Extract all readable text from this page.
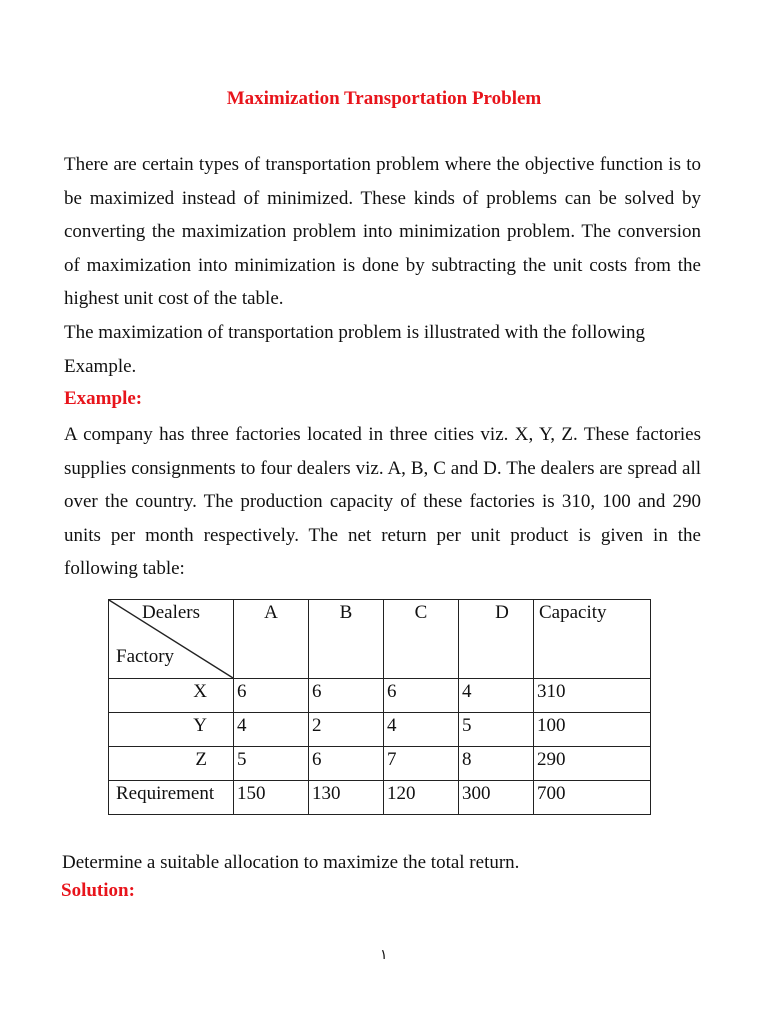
Maximization Transportation Problem
There are certain types of transportation problem where the objective function is to be maximized instead of minimized. These kinds of problems can be solved by converting the maximization problem into minimization problem. The conversion of maximization into minimization is done by subtracting the unit costs from the highest unit cost of the table.
The maximization of transportation problem is illustrated with the following Example.
Example:
A company has three factories located in three cities viz. X, Y, Z. These factories supplies consignments to four dealers viz. A, B, C and D. The dealers are spread all over the country. The production capacity of these factories is 310, 100 and 290 units per month respectively. The net return per unit product is given in the following table:
Dealers
Factory	A	B	C	D	Capacity

X	6	6	6	4	310

Y	4	2	4	5	100

Z	5	6	7	8	290

Requirement	150	130	120	300	700
Determine a suitable allocation to maximize the total return.
Solution:
١
